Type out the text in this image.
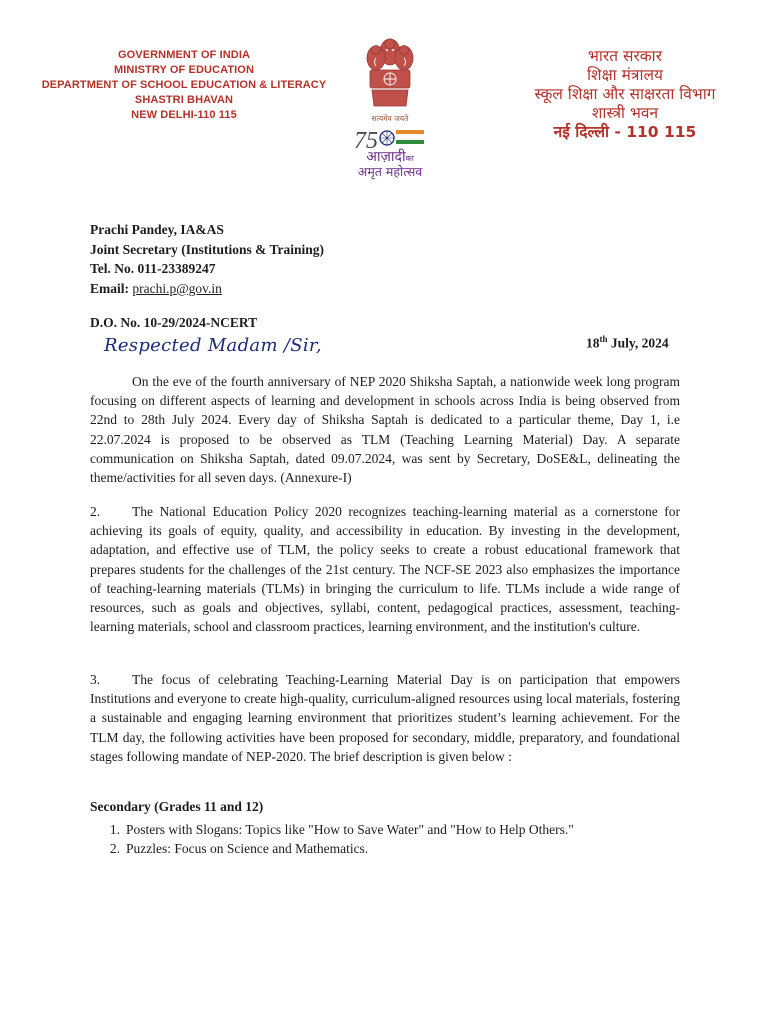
GOVERNMENT OF INDIA
MINISTRY OF EDUCATION
DEPARTMENT OF SCHOOL EDUCATION & LITERACY
SHASTRI BHAVAN
NEW DELHI-110 115	सत्यमेव जयते
75
आज़ादीका
अमृत महोत्सव
भारत सरकार
शिक्षा मंत्रालय
स्कूल शिक्षा और साक्षरता विभाग
शास्त्री भवन
नई दिल्ली - 110 115
Prachi Pandey, IA&AS
Joint Secretary (Institutions & Training)
Tel. No. 011-23389247
Email: prachi.p@gov.in
D.O. No. 10-29/2024-NCERT
18th July, 2024
Respected Madam /Sir,
On the eve of the fourth anniversary of NEP 2020 Shiksha Saptah, a nationwide week long program focusing on different aspects of learning and development in schools across India is being observed from 22nd to 28th July 2024. Every day of Shiksha Saptah is dedicated to a particular theme, Day 1, i.e 22.07.2024 is proposed to be observed as TLM (Teaching Learning Material) Day. A separate communication on Shiksha Saptah, dated 09.07.2024, was sent by Secretary, DoSE&L, delineating the theme/activities for all seven days. (Annexure-I)
2. The National Education Policy 2020 recognizes teaching-learning material as a cornerstone for achieving its goals of equity, quality, and accessibility in education. By investing in the development, adaptation, and effective use of TLM, the policy seeks to create a robust educational framework that prepares students for the challenges of the 21st century. The NCF-SE 2023 also emphasizes the importance of teaching-learning materials (TLMs) in bringing the curriculum to life. TLMs include a wide range of resources, such as goals and objectives, syllabi, content, pedagogical practices, assessment, teaching-learning materials, school and classroom practices, learning environment, and the institution's culture.
3. The focus of celebrating Teaching-Learning Material Day is on participation that empowers Institutions and everyone to create high-quality, curriculum-aligned resources using local materials, fostering a sustainable and engaging learning environment that prioritizes student’s learning achievement. For the TLM day, the following activities have been proposed for secondary, middle, preparatory, and foundational stages following mandate of NEP-2020. The brief description is given below :
Secondary (Grades 11 and 12)
1. Posters with Slogans: Topics like "How to Save Water" and "How to Help Others."
2. Puzzles: Focus on Science and Mathematics.
